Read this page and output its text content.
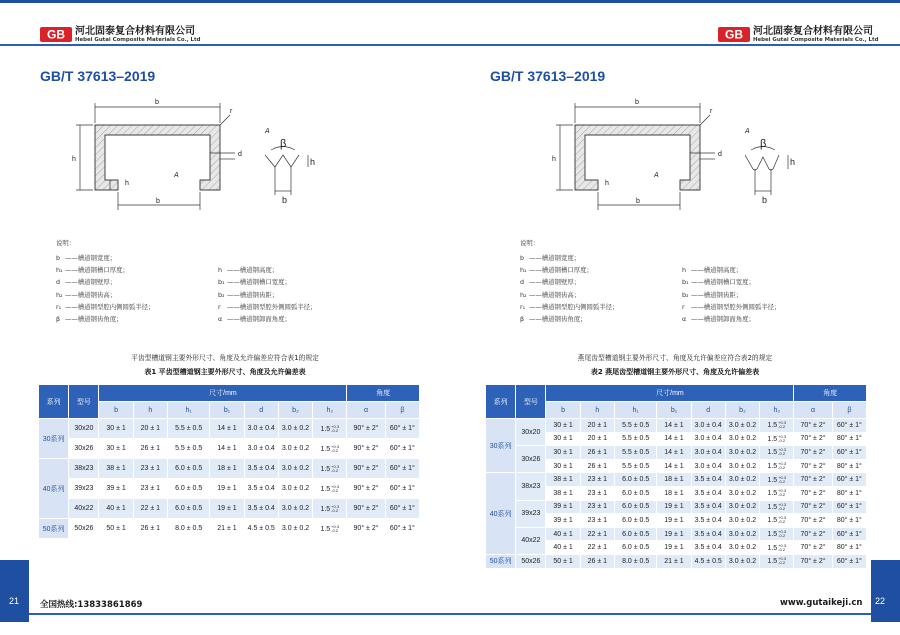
GB 河北固泰复合材料有限公司
Hebei Gutai Composite Materials Co., Ltd
GB/T 37613–2019
b
r
d
h
h
b
A
A
β
h
b
说明：
b ——槽道钢宽度；
h₁ ——槽道钢槽口厚度；	h ——槽道钢高度；
d ——槽道钢壁厚；	b₁ ——槽道钢槽口宽度；
h₂ ——槽道钢齿高；	b₂ ——槽道钢齿距；
r₁ ——槽道钢型腔内侧圆弧半径；	r ——槽道钢型腔外侧圆弧半径；
β ——槽道钢齿角度；	α ——槽道钢卸面角度；
平齿型槽道钢主要外形尺寸、角度及允许偏差应符合表1的规定
表1 平齿型槽道钢主要外形尺寸、角度及允许偏差表
系列	型号	尺寸/mm							角度	
		b	h	h₁	b₁	d	b₂	h₂	α	β
30系列	30x20	30 ± 1	20 ± 1	5.5 ± 0.5	14 ± 1	3.0 ± 0.4	3.0 ± 0.2	1.5+0.3
-0.2	90° ± 2°	60° ± 1°
	30x26	30 ± 1	26 ± 1	5.5 ± 0.5	14 ± 1	3.0 ± 0.4	3.0 ± 0.2	1.5+0.3
-0.2	90° ± 2°	60° ± 1°
40系列	38x23	38 ± 1	23 ± 1	6.0 ± 0.5	18 ± 1	3.5 ± 0.4	3.0 ± 0.2	1.5+0.3
-0.2	90° ± 2°	60° ± 1°
	39x23	39 ± 1	23 ± 1	6.0 ± 0.5	19 ± 1	3.5 ± 0.4	3.0 ± 0.2	1.5+0.3
-0.2	90° ± 2°	60° ± 1°
	40x22	40 ± 1	22 ± 1	6.0 ± 0.5	19 ± 1	3.5 ± 0.4	3.0 ± 0.2	1.5+0.3
-0.2	90° ± 2°	60° ± 1°
50系列	50x26	50 ± 1	26 ± 1	8.0 ± 0.5	21 ± 1	4.5 ± 0.5	3.0 ± 0.2	1.5+0.3
-0.2	90° ± 2°	60° ± 1°
21 全国热线:13833861869
GB 河北固泰复合材料有限公司
Hebei Gutai Composite Materials Co., Ltd
GB/T 37613–2019
b
r
d
h
h
b
A
A
β
h
b
说明：
b ——槽道钢宽度；
h₁ ——槽道钢槽口厚度；	h ——槽道钢高度；
d ——槽道钢壁厚；	b₁ ——槽道钢槽口宽度；
h₂ ——槽道钢齿高；	b₂ ——槽道钢齿距；
r₁ ——槽道钢型腔内侧圆弧半径；	r ——槽道钢型腔外侧圆弧半径；
β ——槽道钢齿角度；	α ——槽道钢卸面角度；
燕尾齿型槽道钢主要外形尺寸、角度及允许偏差应符合表2的规定
表2 燕尾齿型槽道钢主要外形尺寸、角度及允许偏差表
系列	型号	尺寸/mm							角度	
		b	h	h₁	b₁	d	b₂	h₂	α	β
30系列	30x20	30 ± 1	20 ± 1	5.5 ± 0.5	14 ± 1	3.0 ± 0.4	3.0 ± 0.2	1.5+0.3
-0.2	70° ± 2°	60° ± 1°
		30 ± 1	20 ± 1	5.5 ± 0.5	14 ± 1	3.0 ± 0.4	3.0 ± 0.2	1.5+0.3
-0.2	70° ± 2°	80° ± 1°
	30x26	30 ± 1	26 ± 1	5.5 ± 0.5	14 ± 1	3.0 ± 0.4	3.0 ± 0.2	1.5+0.3
-0.2	70° ± 2°	60° ± 1°
		30 ± 1	26 ± 1	5.5 ± 0.5	14 ± 1	3.0 ± 0.4	3.0 ± 0.2	1.5+0.3
-0.2	70° ± 2°	80° ± 1°
40系列	38x23	38 ± 1	23 ± 1	6.0 ± 0.5	18 ± 1	3.5 ± 0.4	3.0 ± 0.2	1.5+0.3
-0.2	70° ± 2°	60° ± 1°
		38 ± 1	23 ± 1	6.0 ± 0.5	18 ± 1	3.5 ± 0.4	3.0 ± 0.2	1.5+0.3
-0.2	70° ± 2°	80° ± 1°
	39x23	39 ± 1	23 ± 1	6.0 ± 0.5	19 ± 1	3.5 ± 0.4	3.0 ± 0.2	1.5+0.3
-0.2	70° ± 2°	60° ± 1°
		39 ± 1	23 ± 1	6.0 ± 0.5	19 ± 1	3.5 ± 0.4	3.0 ± 0.2	1.5+0.3
-0.2	70° ± 2°	80° ± 1°
	40x22	40 ± 1	22 ± 1	6.0 ± 0.5	19 ± 1	3.5 ± 0.4	3.0 ± 0.2	1.5+0.3
-0.2	70° ± 2°	60° ± 1°
		40 ± 1	22 ± 1	6.0 ± 0.5	19 ± 1	3.5 ± 0.4	3.0 ± 0.2	1.5+0.3
-0.2	70° ± 2°	80° ± 1°
50系列	50x26	50 ± 1	26 ± 1	8.0 ± 0.5	21 ± 1	4.5 ± 0.5	3.0 ± 0.2	1.5+0.3
-0.2	70° ± 2°	60° ± 1°
22
www.gutaikeji.cn
